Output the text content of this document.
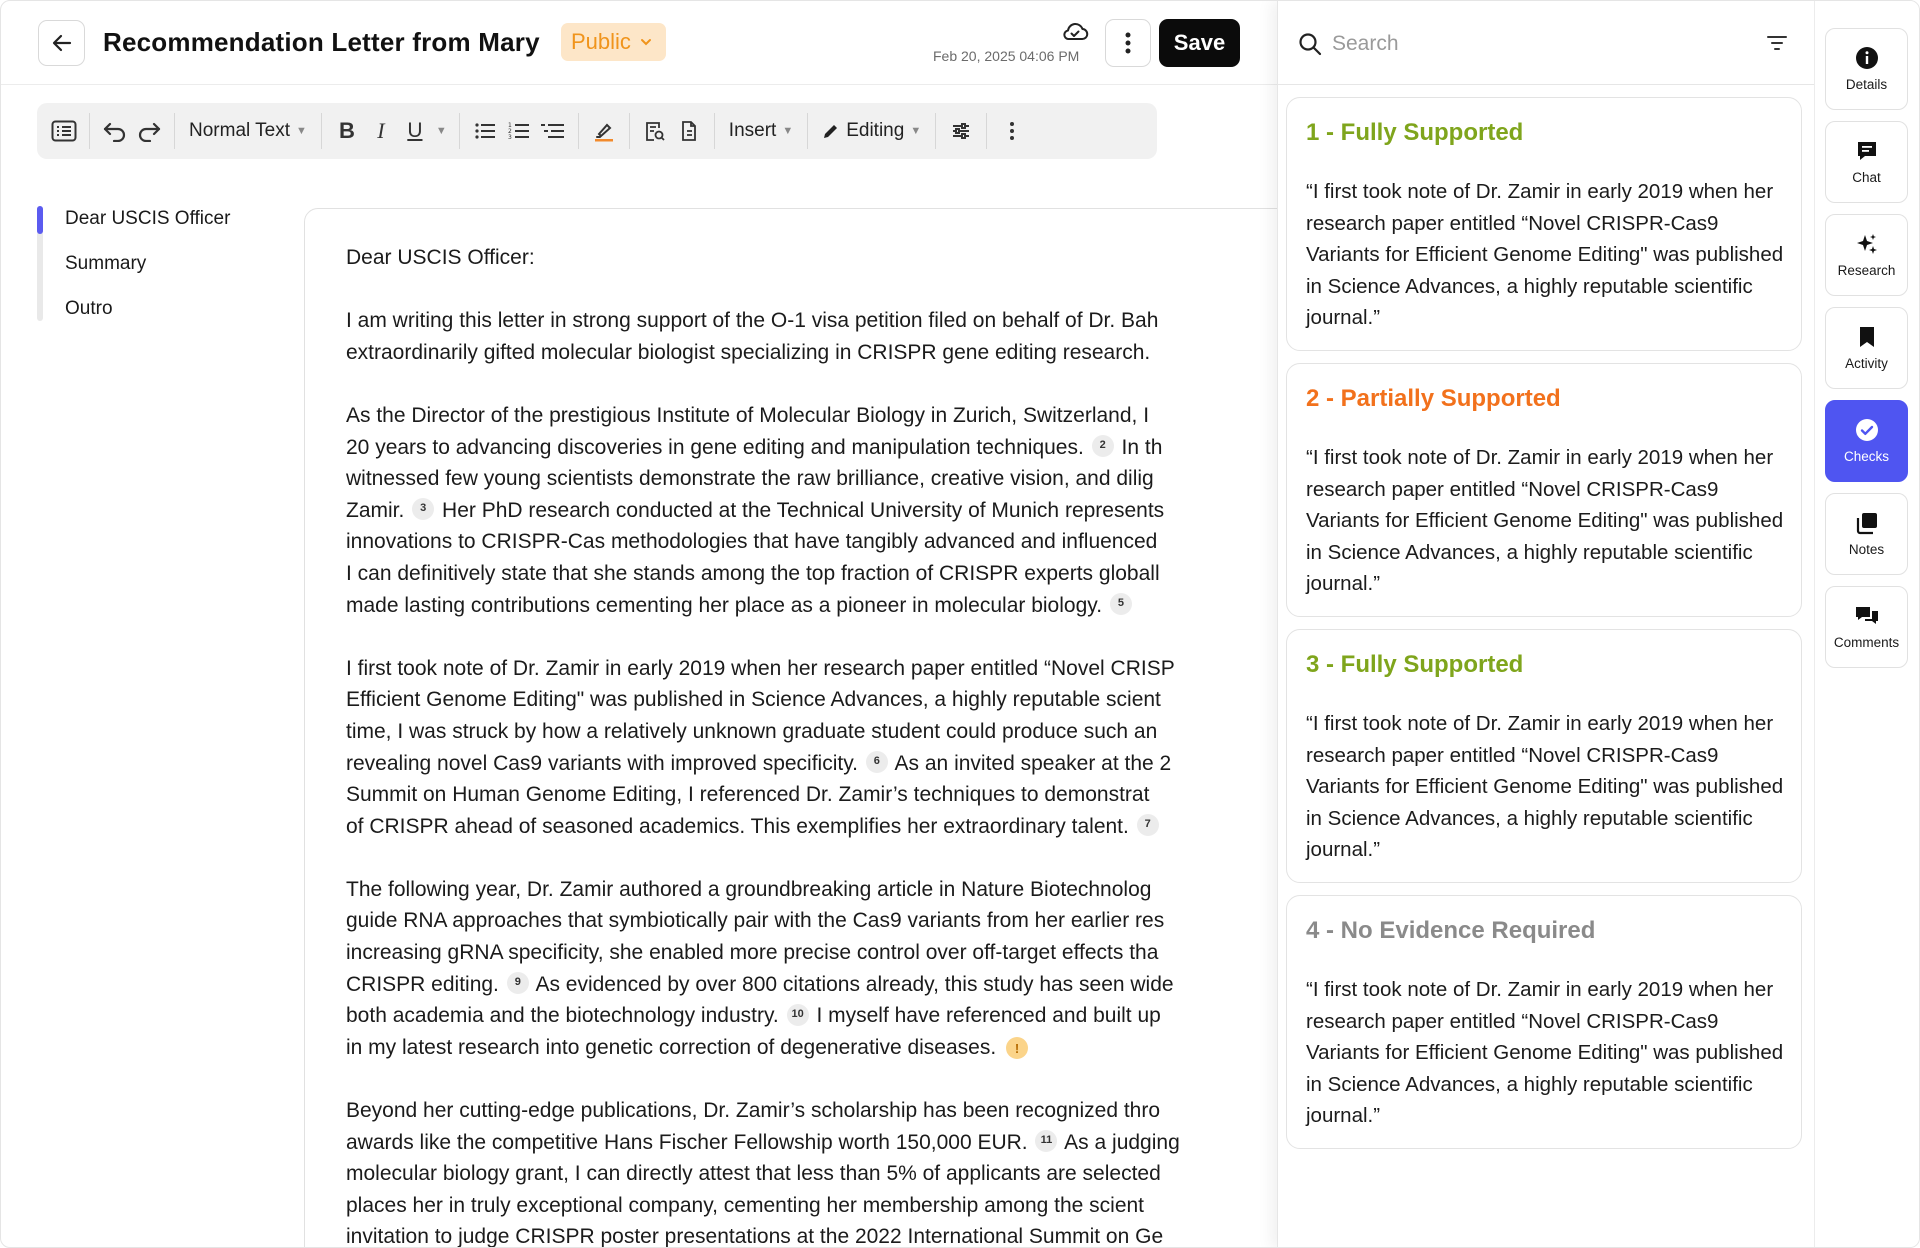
Recommendation Letter from Mary Public
Feb 20, 2025 04:06 PM
Save
Normal Text ▼ B I U ▼	1
2
3	Insert ▼	Editing ▼
Dear USCIS Officer
Summary
Outro

Dear USCIS Officer:

I am writing this letter in strong support of the O-1 visa petition filed on behalf of Dr. Bah
extraordinarily gifted molecular biologist specializing in CRISPR gene editing research.

As the Director of the prestigious Institute of Molecular Biology in Zurich, Switzerland, I
20 years to advancing discoveries in gene editing and manipulation techniques. 2 In th
witnessed few young scientists demonstrate the raw brilliance, creative vision, and dilig
Zamir. 3 Her PhD research conducted at the Technical University of Munich represents
innovations to CRISPR-Cas methodologies that have tangibly advanced and influenced
I can definitively state that she stands among the top fraction of CRISPR experts globall
made lasting contributions cementing her place as a pioneer in molecular biology. 5

I first took note of Dr. Zamir in early 2019 when her research paper entitled “Novel CRISP
Efficient Genome Editing" was published in Science Advances, a highly reputable scient
time, I was struck by how a relatively unknown graduate student could produce such an
revealing novel Cas9 variants with improved specificity. 6 As an invited speaker at the 2
Summit on Human Genome Editing, I referenced Dr. Zamir’s techniques to demonstrat
of CRISPR ahead of seasoned academics. This exemplifies her extraordinary talent. 7

The following year, Dr. Zamir authored a groundbreaking article in Nature Biotechnolog
guide RNA approaches that symbiotically pair with the Cas9 variants from her earlier res
increasing gRNA specificity, she enabled more precise control over off-target effects tha
CRISPR editing. 9 As evidenced by over 800 citations already, this study has seen wide
both academia and the biotechnology industry. 10 I myself have referenced and built up
in my latest research into genetic correction of degenerative diseases. !

Beyond her cutting-edge publications, Dr. Zamir’s scholarship has been recognized thro
awards like the competitive Hans Fischer Fellowship worth 150,000 EUR. 11 As a judging
molecular biology grant, I can directly attest that less than 5% of applicants are selected
places her in truly exceptional company, cementing her membership among the scient
invitation to judge CRISPR poster presentations at the 2022 International Summit on Ge

Search
1 - Fully Supported
“I first took note of Dr. Zamir in early 2019 when her research paper entitled “Novel CRISPR-Cas9 Variants for Efficient Genome Editing" was published in Science Advances, a highly reputable scientific journal.”
2 - Partially Supported
“I first took note of Dr. Zamir in early 2019 when her research paper entitled “Novel CRISPR-Cas9 Variants for Efficient Genome Editing" was published in Science Advances, a highly reputable scientific journal.”
3 - Fully Supported
“I first took note of Dr. Zamir in early 2019 when her research paper entitled “Novel CRISPR-Cas9 Variants for Efficient Genome Editing" was published in Science Advances, a highly reputable scientific journal.”
4 - No Evidence Required
“I first took note of Dr. Zamir in early 2019 when her research paper entitled “Novel CRISPR-Cas9 Variants for Efficient Genome Editing" was published in Science Advances, a highly reputable scientific journal.”
Details
Chat
Research
Activity
Checks
Notes
Comments
